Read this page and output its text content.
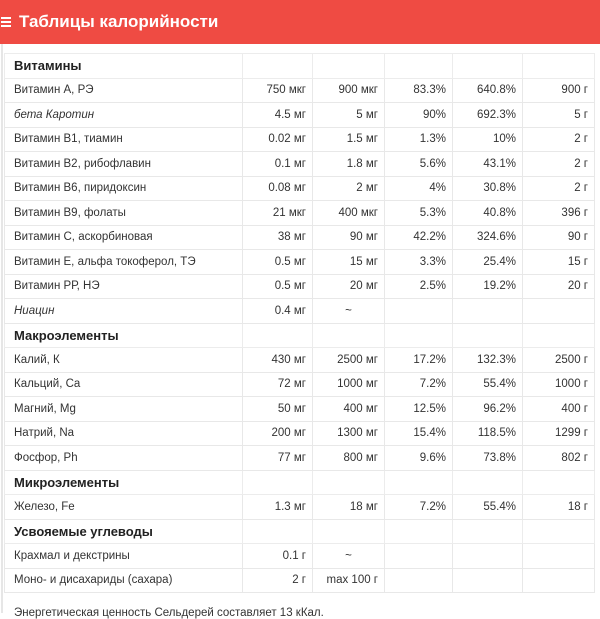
Таблицы калорийности
Витамины					
Витамин А, РЭ	750 мкг	900 мкг	83.3%	640.8%	900 г
бета Каротин	4.5 мг	5 мг	90%	692.3%	5 г
Витамин В1, тиамин	0.02 мг	1.5 мг	1.3%	10%	2 г
Витамин В2, рибофлавин	0.1 мг	1.8 мг	5.6%	43.1%	2 г
Витамин В6, пиридоксин	0.08 мг	2 мг	4%	30.8%	2 г
Витамин В9, фолаты	21 мкг	400 мкг	5.3%	40.8%	396 г
Витамин C, аскорбиновая	38 мг	90 мг	42.2%	324.6%	90 г
Витамин Е, альфа токоферол, ТЭ	0.5 мг	15 мг	3.3%	25.4%	15 г
Витамин РР, НЭ	0.5 мг	20 мг	2.5%	19.2%	20 г
Ниацин	0.4 мг	~			
Макроэлементы					
Калий, К	430 мг	2500 мг	17.2%	132.3%	2500 г
Кальций, Ca	72 мг	1000 мг	7.2%	55.4%	1000 г
Магний, Mg	50 мг	400 мг	12.5%	96.2%	400 г
Натрий, Na	200 мг	1300 мг	15.4%	118.5%	1299 г
Фосфор, Ph	77 мг	800 мг	9.6%	73.8%	802 г
Микроэлементы					
Железо, Fe	1.3 мг	18 мг	7.2%	55.4%	18 г
Усвояемые углеводы					
Крахмал и декстрины	0.1 г	~			
Моно- и дисахариды (сахара)	2 г	max 100 г			
Энергетическая ценность Сельдерей составляет 13 кКал.
